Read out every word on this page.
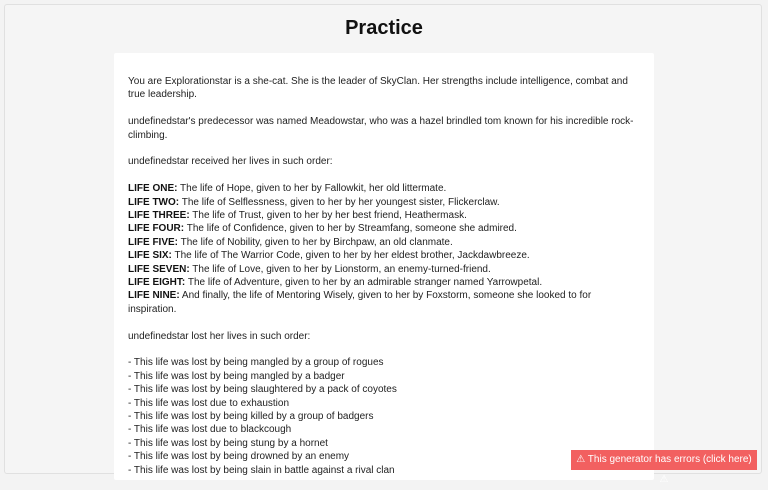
Practice

You are Explorationstar is a she-cat. She is the leader of SkyClan. Her strengths include intelligence, combat and true leadership.

undefinedstar's predecessor was named Meadowstar, who was a hazel brindled tom known for his incredible rock-climbing.

undefinedstar received her lives in such order:

LIFE ONE: The life of Hope, given to her by Fallowkit, her old littermate.

LIFE TWO: The life of Selflessness, given to her by her youngest sister, Flickerclaw.

LIFE THREE: The life of Trust, given to her by her best friend, Heathermask.

LIFE FOUR: The life of Confidence, given to her by Streamfang, someone she admired.

LIFE FIVE: The life of Nobility, given to her by Birchpaw, an old clanmate.

LIFE SIX: The life of The Warrior Code, given to her by her eldest brother, Jackdawbreeze.

LIFE SEVEN: The life of Love, given to her by Lionstorm, an enemy-turned-friend.

LIFE EIGHT: The life of Adventure, given to her by an admirable stranger named Yarrowpetal.

LIFE NINE: And finally, the life of Mentoring Wisely, given to her by Foxstorm, someone she looked to for inspiration.

undefinedstar lost her lives in such order:

- This life was lost by being mangled by a group of rogues

- This life was lost by being mangled by a badger

- This life was lost by being slaughtered by a pack of coyotes

- This life was lost due to exhaustion

- This life was lost by being killed by a group of badgers

- This life was lost due to blackcough

- This life was lost by being stung by a hornet

- This life was lost by being drowned by an enemy

- This life was lost by being slain in battle against a rival clan

⚠ This generator has errors (click here) ⚠
